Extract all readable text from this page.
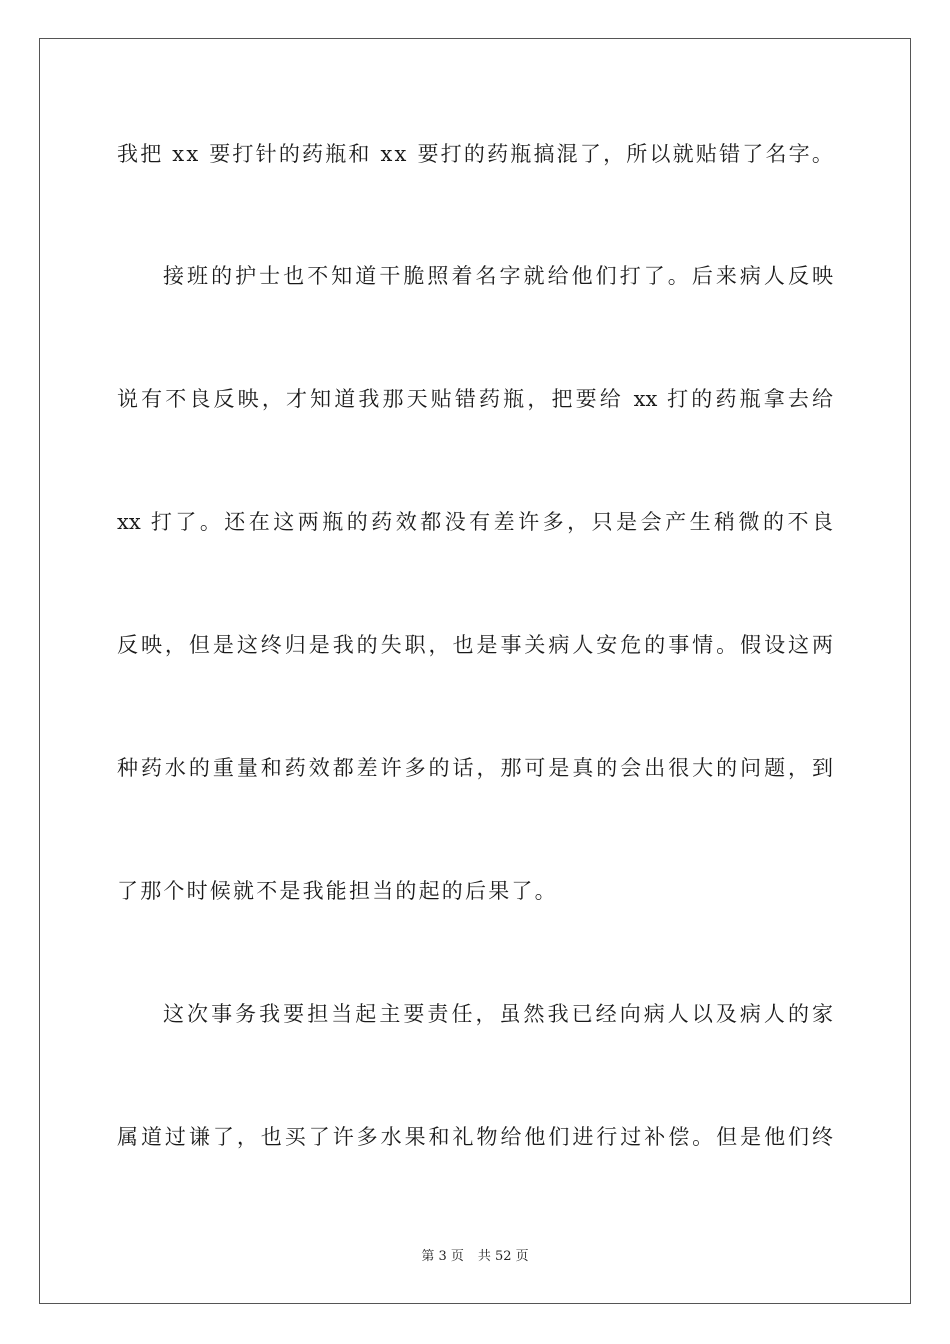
我把 xx 要打针的药瓶和 xx 要打的药瓶搞混了，所以就贴错了名字。
接班的护士也不知道干脆照着名字就给他们打了。后来病人反映
说有不良反映，才知道我那天贴错药瓶，把要给 xx 打的药瓶拿去给
xx 打了。还在这两瓶的药效都没有差许多，只是会产生稍微的不良
反映，但是这终归是我的失职，也是事关病人安危的事情。假设这两
种药水的重量和药效都差许多的话，那可是真的会出很大的问题，到
了那个时候就不是我能担当的起的后果了。
这次事务我要担当起主要责任，虽然我已经向病人以及病人的家
属道过谦了，也买了许多水果和礼物给他们进行过补偿。但是他们终
第 3 页 共 52 页
